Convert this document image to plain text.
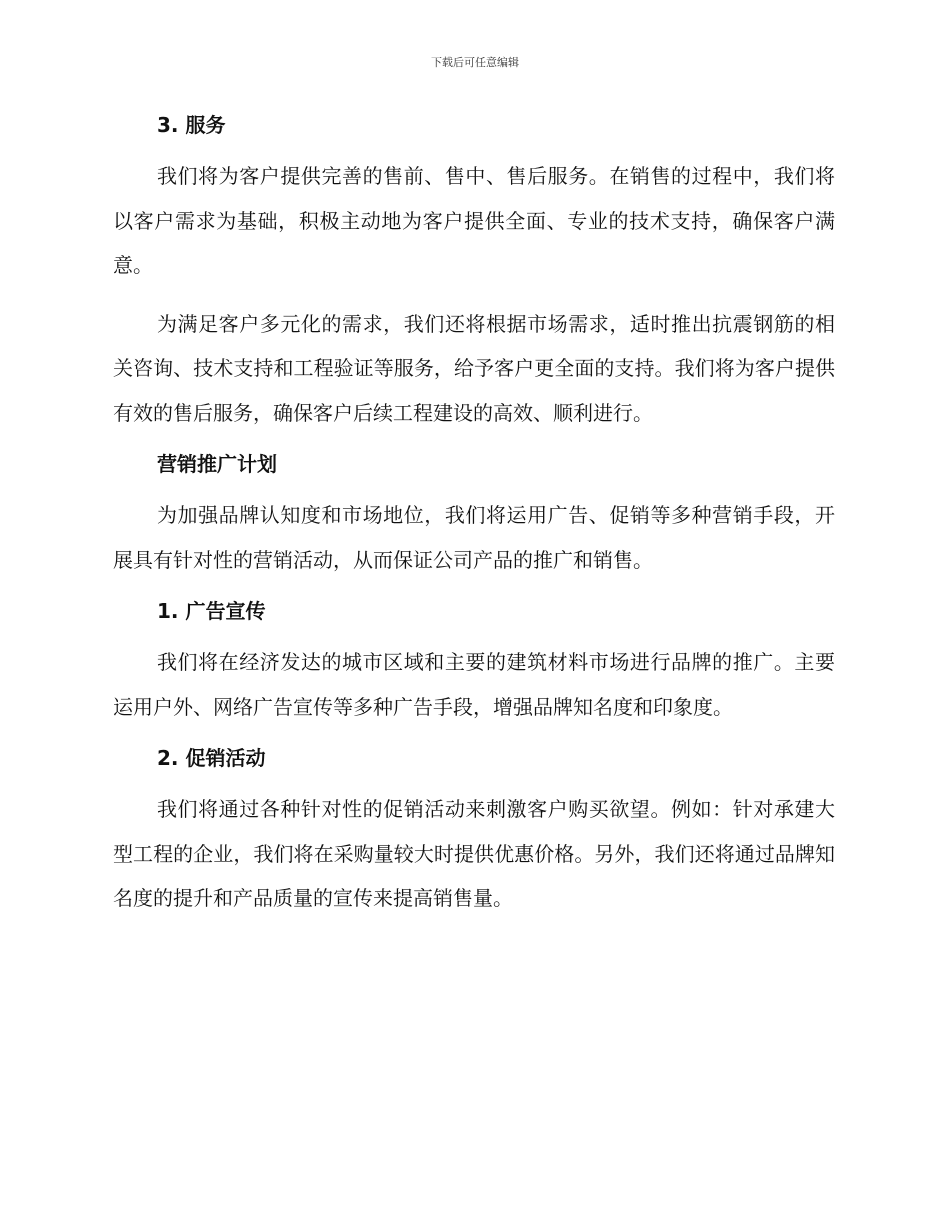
下载后可任意编辑
3. 服务

我们将为客户提供完善的售前、售中、售后服务。在销售的过程中，我们将以客户需求为基础，积极主动地为客户提供全面、专业的技术支持，确保客户满意。

为满足客户多元化的需求，我们还将根据市场需求，适时推出抗震钢筋的相关咨询、技术支持和工程验证等服务，给予客户更全面的支持。我们将为客户提供有效的售后服务，确保客户后续工程建设的高效、顺利进行。

营销推广计划

为加强品牌认知度和市场地位，我们将运用广告、促销等多种营销手段，开展具有针对性的营销活动，从而保证公司产品的推广和销售。

1. 广告宣传

我们将在经济发达的城市区域和主要的建筑材料市场进行品牌的推广。主要运用户外、网络广告宣传等多种广告手段，增强品牌知名度和印象度。

2. 促销活动

我们将通过各种针对性的促销活动来刺激客户购买欲望。例如：针对承建大型工程的企业，我们将在采购量较大时提供优惠价格。另外，我们还将通过品牌知名度的提升和产品质量的宣传来提高销售量。
